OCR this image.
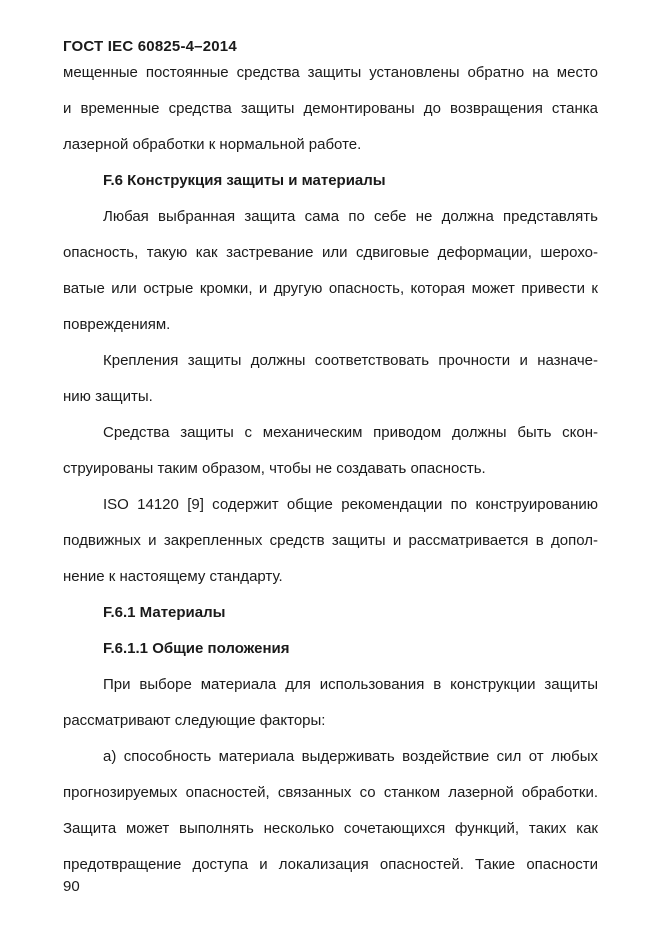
ГОСТ IEC 60825-4–2014
мещенные постоянные средства защиты установлены обратно на место
и временные средства защиты демонтированы до возвращения станка
лазерной обработки к нормальной работе.
F.6 Конструкция защиты и материалы
Любая выбранная защита сама по себе не должна представлять
опасность, такую как застревание или сдвиговые деформации, шерохо-
ватые или острые кромки, и другую опасность, которая может привести к
повреждениям.
Крепления защиты должны соответствовать прочности и назначе-
нию защиты.
Средства защиты с механическим приводом должны быть скон-
струированы таким образом, чтобы не создавать опасность.
ISO 14120 [9] содержит общие рекомендации по конструированию
подвижных и закрепленных средств защиты и рассматривается в допол-
нение к настоящему стандарту.
F.6.1 Материалы
F.6.1.1 Общие положения
При выборе материала для использования в конструкции защиты
рассматривают следующие факторы:
а) способность материала выдерживать воздействие сил от любых
прогнозируемых опасностей, связанных со станком лазерной обработки.
Защита может выполнять несколько сочетающихся функций, таких как
предотвращение доступа и локализация опасностей. Такие опасности
90
